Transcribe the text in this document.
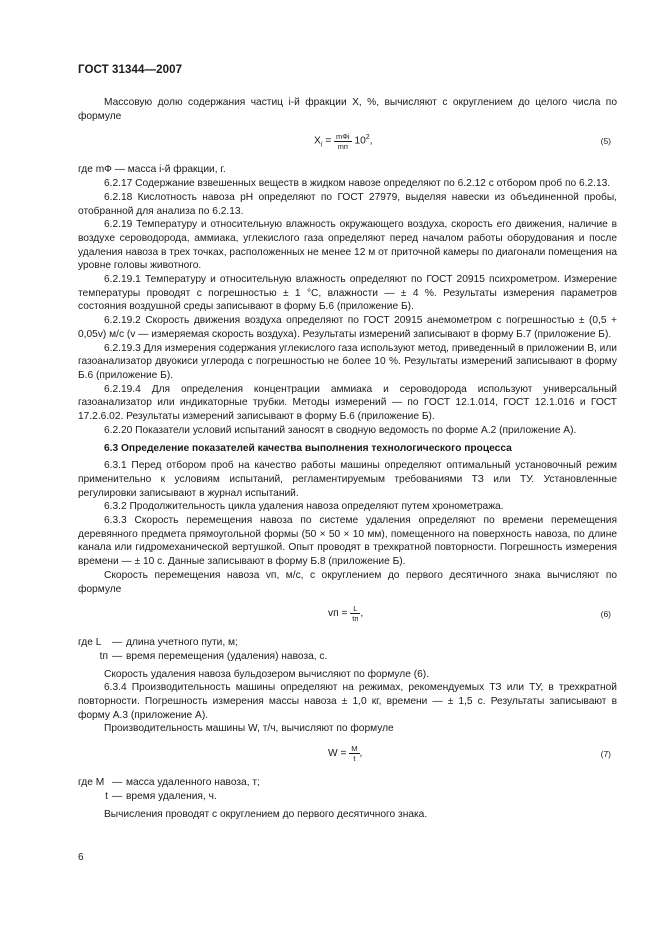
ГОСТ 31344—2007

Массовую долю содержания частиц i-й фракции X, %, вычисляют с округлением до целого числа по формуле

$X_i = \frac{\text{mФi}}{mп} 10^2$,	(5)

где mФ — масса i-й фракции, г.

6.2.17 Содержание взвешенных веществ в жидком навозе определяют по 6.2.12 с отбором проб по 6.2.13.

6.2.18 Кислотность навоза pH определяют по ГОСТ 27979, выделяя навески из объединенной пробы, отобранной для анализа по 6.2.13.

6.2.19 Температуру и относительную влажность окружающего воздуха, скорость его движения, наличие в воздухе сероводорода, аммиака, углекислого газа определяют перед началом работы оборудования и после удаления навоза в трех точках, расположенных не менее 12 м от приточной камеры по диагонали помещения на уровне головы животного.

6.2.19.1 Температуру и относительную влажность определяют по ГОСТ 20915 психрометром. Измерение температуры проводят с погрешностью ± 1 °С, влажности — ± 4 %. Результаты измерения параметров состояния воздушной среды записывают в форму Б.6 (приложение Б).

6.2.19.2 Скорость движения воздуха определяют по ГОСТ 20915 анемометром с погрешностью ± (0,5 + 0,05v) м/с (v — измеряемая скорость воздуха). Результаты измерений записывают в форму Б.7 (приложение Б).

6.2.19.3 Для измерения содержания углекислого газа используют метод, приведенный в приложении В, или газоанализатор двуокиси углерода с погрешностью не более 10 %. Результаты измерений записывают в форму Б.6 (приложение Б).

6.2.19.4 Для определения концентрации аммиака и сероводорода используют универсальный газоанализатор или индикаторные трубки. Методы измерений — по ГОСТ 12.1.014, ГОСТ 12.1.016 и ГОСТ 17.2.6.02. Результаты измерений записывают в форму Б.6 (приложение Б).

6.2.20 Показатели условий испытаний заносят в сводную ведомость по форме А.2 (приложение А).

6.3 Определение показателей качества выполнения технологического процесса

6.3.1 Перед отбором проб на качество работы машины определяют оптимальный установочный режим применительно к условиям испытаний, регламентируемым требованиями ТЗ или ТУ. Установленные регулировки записывают в журнал испытаний.

6.3.2 Продолжительность цикла удаления навоза определяют путем хронометража.

6.3.3 Скорость перемещения навоза по системе удаления определяют по времени перемещения деревянного предмета прямоугольной формы (50 × 50 × 10 мм), помещенного на поверхность навоза, по длине канала или гидромеханической вертушкой. Опыт проводят в трехкратной повторности. Погрешность измерения времени — ± 10 с. Данные записывают в форму Б.8 (приложение Б).

Скорость перемещения навоза vп, м/с, с округлением до первого десятичного знака вычисляют по формуле

vп = $\frac{L}{tп}$ ,	(6)
где L	— длина учетного пути, м;
tп — время перемещения (удаления) навоза, с.

Скорость удаления навоза бульдозером вычисляют по формуле (6).

6.3.4 Производительность машины определяют на режимах, рекомендуемых ТЗ или ТУ, в трехкратной повторности. Погрешность измерения массы навоза ± 1,0 кг, времени — ± 1,5 с. Результаты записывают в форму А.3 (приложение А).

Производительность машины W, т/ч, вычисляют по формуле

$W = \frac{M}{t}$ ,	(7)
где M — масса удаленного навоза, т;
t — время удаления, ч.

Вычисления проводят с округлением до первого десятичного знака.

6
